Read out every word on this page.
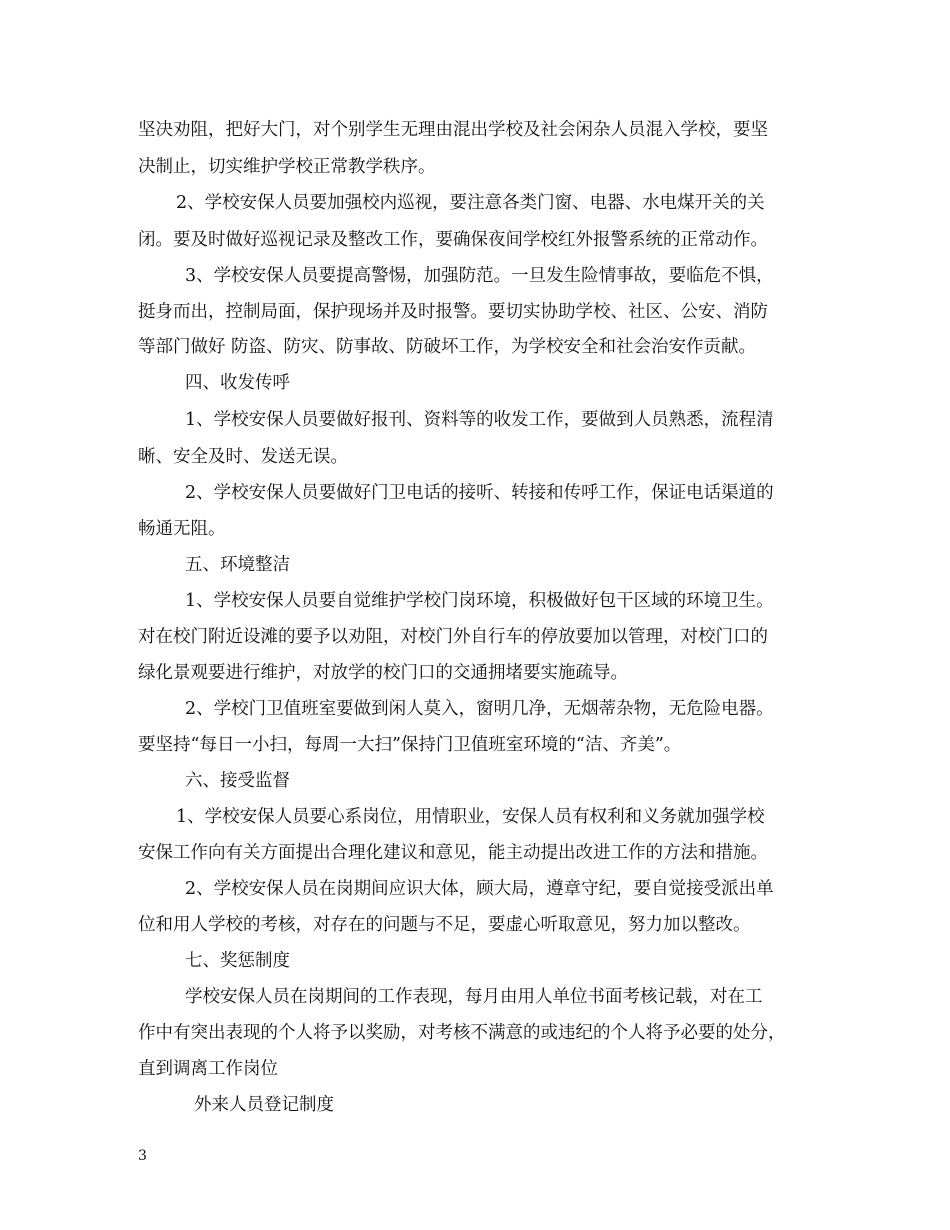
坚决劝阻，把好大门，对个别学生无理由混出学校及社会闲杂人员混入学校，要坚
决制止，切实维护学校正常教学秩序。
2、学校安保人员要加强校内巡视，要注意各类门窗、电器、水电煤开关的关
闭。要及时做好巡视记录及整改工作，要确保夜间学校红外报警系统的正常动作。
3、学校安保人员要提高警惕，加强防范。一旦发生险情事故，要临危不惧，
挺身而出，控制局面，保护现场并及时报警。要切实协助学校、社区、公安、消防
等部门做好 防盗、防灾、防事故、防破坏工作，为学校安全和社会治安作贡献。
四、收发传呼
1、学校安保人员要做好报刊、资料等的收发工作，要做到人员熟悉，流程清
晰、安全及时、发送无误。
2、学校安保人员要做好门卫电话的接听、转接和传呼工作，保证电话渠道的
畅通无阻。
五、环境整洁
1、学校安保人员要自觉维护学校门岗环境，积极做好包干区域的环境卫生。
对在校门附近设滩的要予以劝阻，对校门外自行车的停放要加以管理，对校门口的
绿化景观要进行维护，对放学的校门口的交通拥堵要实施疏导。
2、学校门卫值班室要做到闲人莫入，窗明几净，无烟蒂杂物，无危险电器。
要坚持“每日一小扫，每周一大扫”保持门卫值班室环境的“洁、齐美”。
六、接受监督
1、学校安保人员要心系岗位，用情职业，安保人员有权利和义务就加强学校
安保工作向有关方面提出合理化建议和意见，能主动提出改进工作的方法和措施。
2、学校安保人员在岗期间应识大体，顾大局，遵章守纪，要自觉接受派出单
位和用人学校的考核，对存在的问题与不足，要虚心听取意见，努力加以整改。
七、奖惩制度
学校安保人员在岗期间的工作表现，每月由用人单位书面考核记载，对在工
作中有突出表现的个人将予以奖励，对考核不满意的或违纪的个人将予必要的处分，
直到调离工作岗位
外来人员登记制度
3
